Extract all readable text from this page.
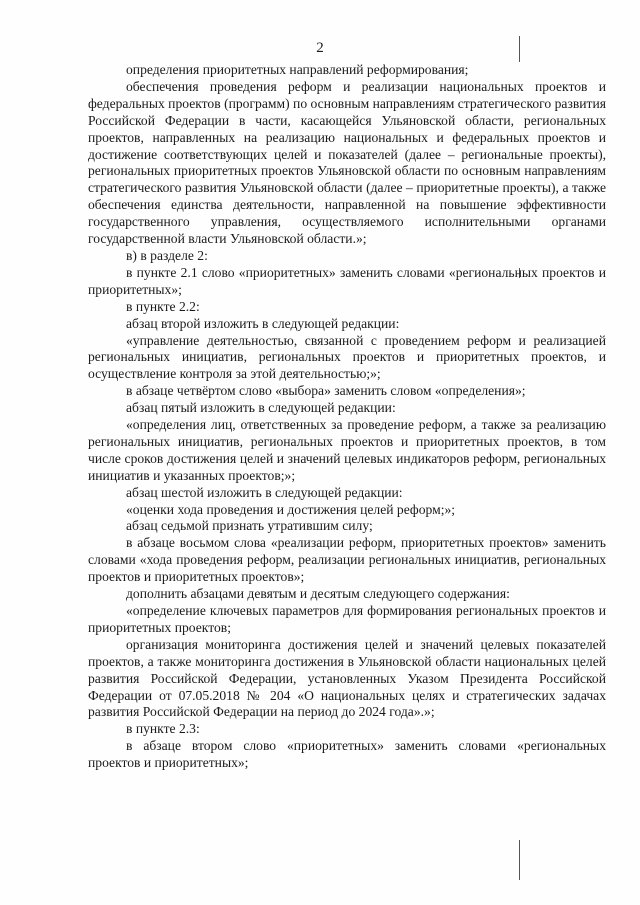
2

определения приоритетных направлений реформирования;

обеспечения проведения реформ и реализации национальных проектов и федеральных проектов (программ) по основным направлениям стратегического развития Российской Федерации в части, касающейся Ульяновской области, региональных проектов, направленных на реализацию национальных и федеральных проектов и достижение соответствующих целей и показателей (далее – региональные проекты), региональных приоритетных проектов Ульяновской области по основным направлениям стратегического развития Ульяновской области (далее – приоритетные проекты), а также обеспечения единства деятельности, направленной на повышение эффективности государственного управления, осуществляемого исполнительными органами государственной власти Ульяновской области.»;

в) в разделе 2:

в пункте 2.1 слово «приоритетных» заменить словами «региональных проектов и приоритетных»;

в пункте 2.2:

абзац второй изложить в следующей редакции:

«управление деятельностью, связанной с проведением реформ и реализацией региональных инициатив, региональных проектов и приоритетных проектов, и осуществление контроля за этой деятельностью;»;

в абзаце четвёртом слово «выбора» заменить словом «определения»;

абзац пятый изложить в следующей редакции:

«определения лиц, ответственных за проведение реформ, а также за реализацию региональных инициатив, региональных проектов и приоритетных проектов, в том числе сроков достижения целей и значений целевых индикаторов реформ, региональных инициатив и указанных проектов;»;

абзац шестой изложить в следующей редакции:

«оценки хода проведения и достижения целей реформ;»;

абзац седьмой признать утратившим силу;

в абзаце восьмом слова «реализации реформ, приоритетных проектов» заменить словами «хода проведения реформ, реализации региональных инициатив, региональных проектов и приоритетных проектов»;

дополнить абзацами девятым и десятым следующего содержания:

«определение ключевых параметров для формирования региональных проектов и приоритетных проектов;

организация мониторинга достижения целей и значений целевых показателей проектов, а также мониторинга достижения в Ульяновской области национальных целей развития Российской Федерации, установленных Указом Президента Российской Федерации от 07.05.2018 № 204 «О национальных целях и стратегических задачах развития Российской Федерации на период до 2024 года».»;

в пункте 2.3:

в абзаце втором слово «приоритетных» заменить словами «региональных проектов и приоритетных»;
